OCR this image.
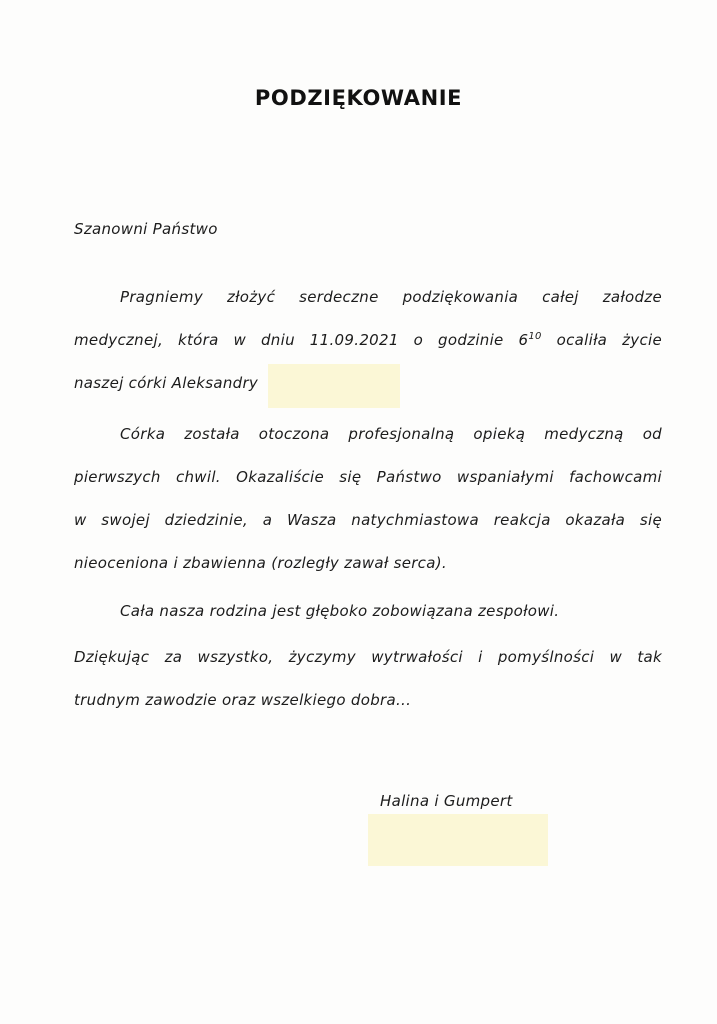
PODZIĘKOWANIE
Szanowni Państwo
Pragniemy złożyć serdeczne podziękowania całej załodze
medycznej, która w dniu 11.09.2021 o godzinie $6^{10}$ ocaliła życie
naszej córki Aleksandry
Córka została otoczona profesjonalną opieką medyczną od
pierwszych chwil. Okazaliście się Państwo wspaniałymi fachowcami
w swojej dziedzinie, a Wasza natychmiastowa reakcja okazała się
nieoceniona i zbawienna (rozległy zawał serca).
Cała nasza rodzina jest głęboko zobowiązana zespołowi.
Dziękując za wszystko, życzymy wytrwałości i pomyślności w tak
trudnym zawodzie oraz wszelkiego dobra...
Halina i Gumpert
